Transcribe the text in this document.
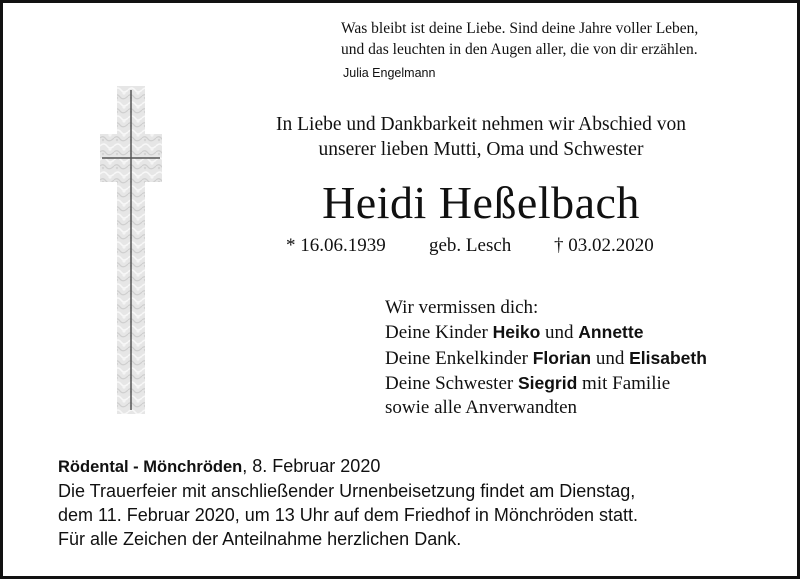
Was bleibt ist deine Liebe. Sind deine Jahre voller Leben,
und das leuchten in den Augen aller, die von dir erzählen.
Julia Engelmann
In Liebe und Dankbarkeit nehmen wir Abschied von
unserer lieben Mutti, Oma und Schwester
Heidi Heßelbach
* 16.06.1939 geb. Lesch † 03.02.2020
Wir vermissen dich:
Deine Kinder Heiko und Annette
Deine Enkelkinder Florian und Elisabeth
Deine Schwester Siegrid mit Familie
sowie alle Anverwandten
Rödental - Mönchröden, 8. Februar 2020
Die Trauerfeier mit anschließender Urnenbeisetzung findet am Dienstag,
dem 11. Februar 2020, um 13 Uhr auf dem Friedhof in Mönchröden statt.
Für alle Zeichen der Anteilnahme herzlichen Dank.
